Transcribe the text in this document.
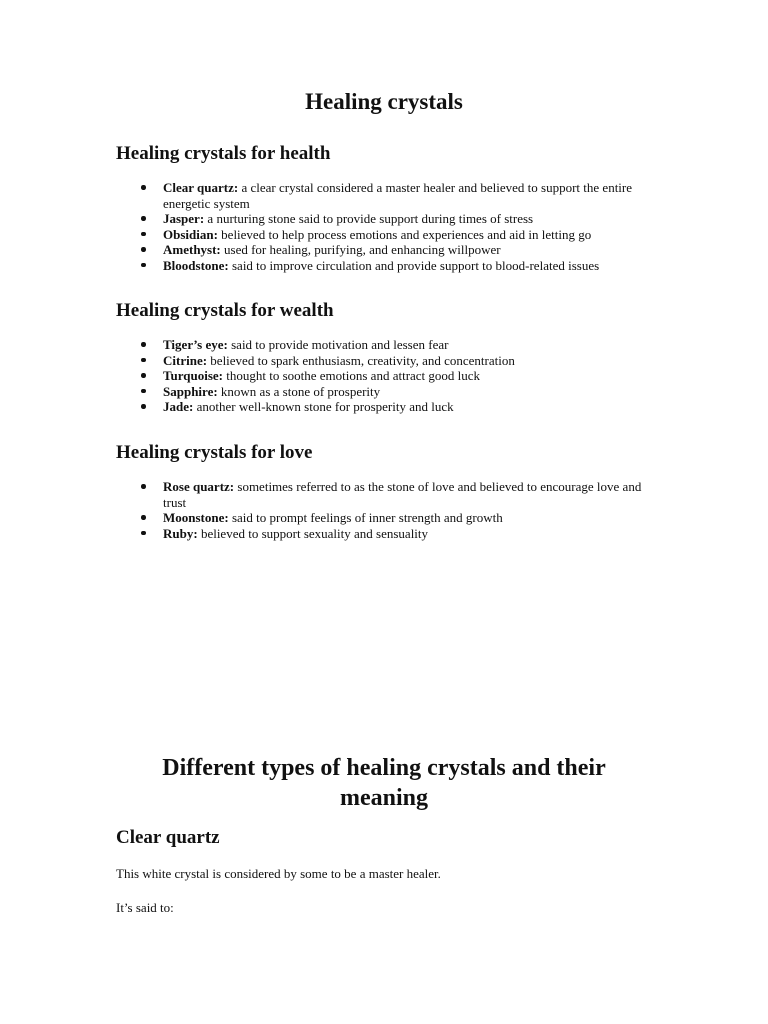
Healing crystals
Healing crystals for health
Clear quartz: a clear crystal considered a master healer and believed to support the entire energetic system
Jasper: a nurturing stone said to provide support during times of stress
Obsidian: believed to help process emotions and experiences and aid in letting go
Amethyst: used for healing, purifying, and enhancing willpower
Bloodstone: said to improve circulation and provide support to blood-related issues
Healing crystals for wealth
Tiger’s eye: said to provide motivation and lessen fear
Citrine: believed to spark enthusiasm, creativity, and concentration
Turquoise: thought to soothe emotions and attract good luck
Sapphire: known as a stone of prosperity
Jade: another well-known stone for prosperity and luck
Healing crystals for love
Rose quartz: sometimes referred to as the stone of love and believed to encourage love and trust
Moonstone: said to prompt feelings of inner strength and growth
Ruby: believed to support sexuality and sensuality
Different types of healing crystals and their meaning
Clear quartz

This white crystal is considered by some to be a master healer.

It’s said to:
